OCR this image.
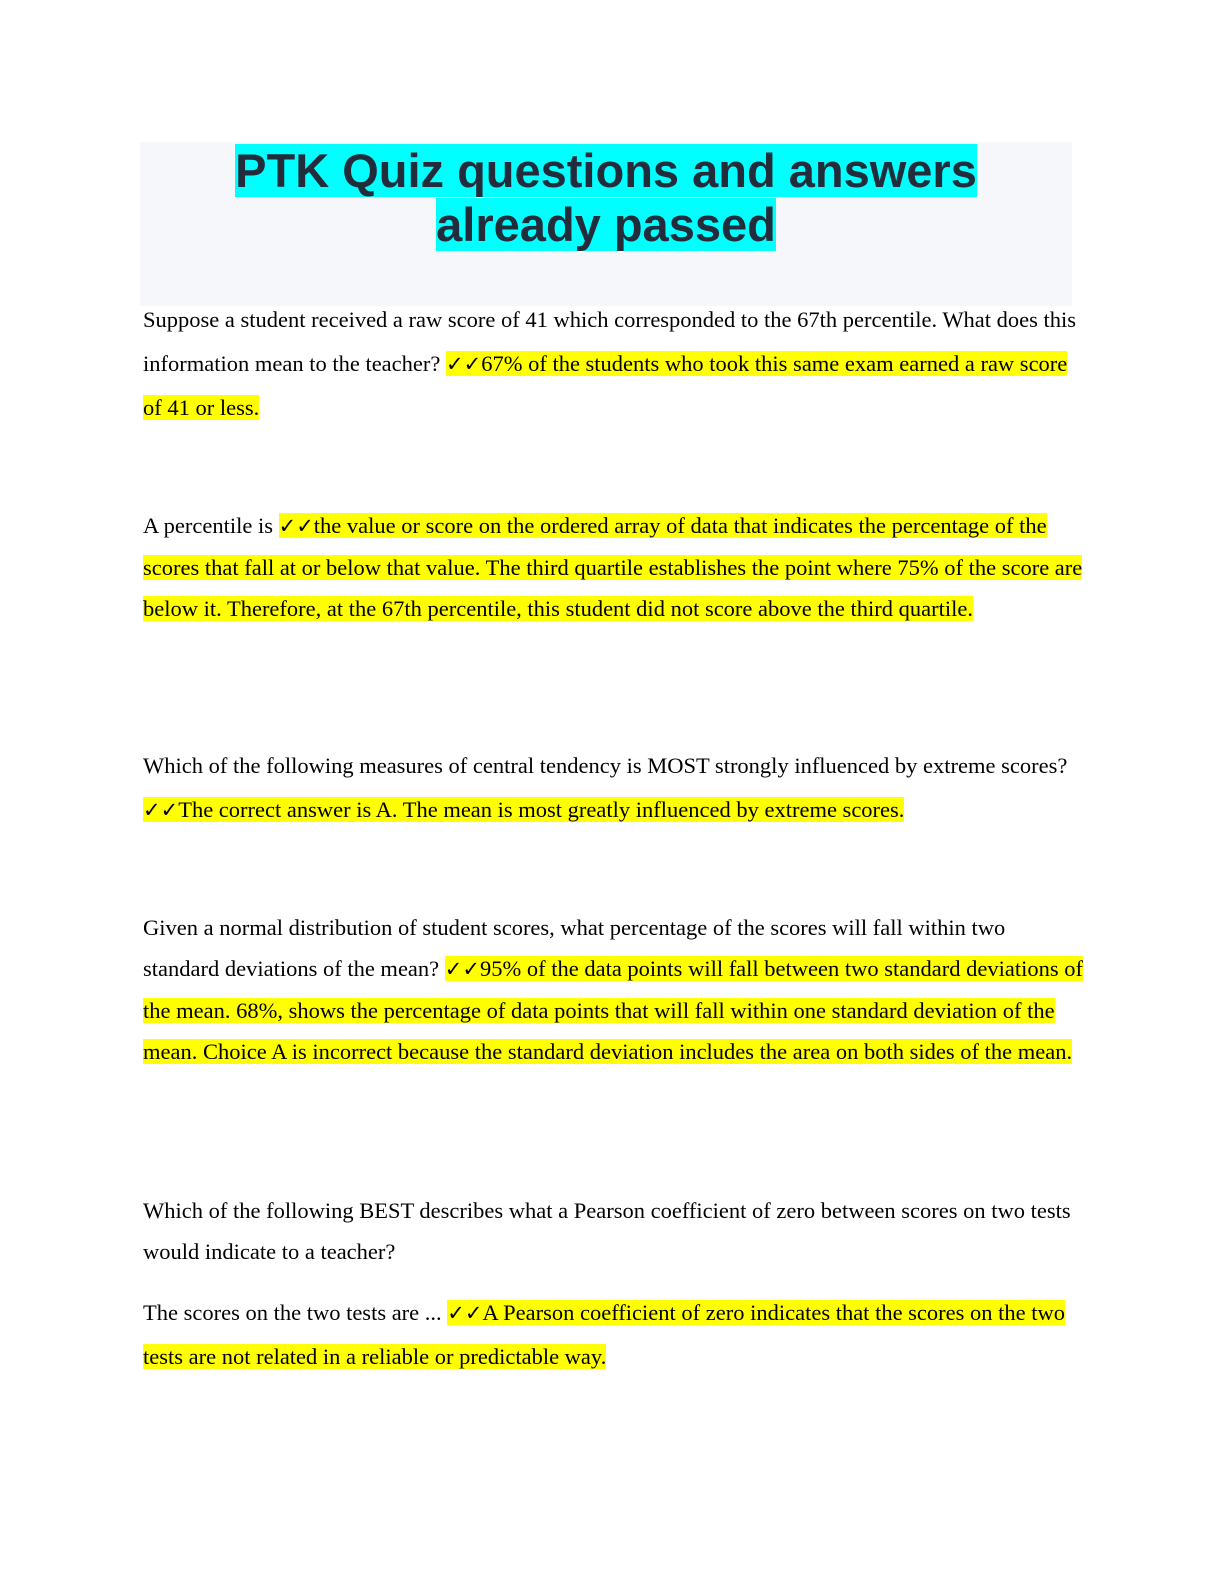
PTK Quiz questions and answers
already passed

Suppose a student received a raw score of 41 which corresponded to the 67th percentile. What does this information mean to the teacher? ✓✓67% of the students who took this same exam earned a raw score of 41 or less.

A percentile is ✓✓the value or score on the ordered array of data that indicates the percentage of the scores that fall at or below that value. The third quartile establishes the point where 75% of the score are below it. Therefore, at the 67th percentile, this student did not score above the third quartile.

Which of the following measures of central tendency is MOST strongly influenced by extreme scores? ✓✓The correct answer is A. The mean is most greatly influenced by extreme scores.

Given a normal distribution of student scores, what percentage of the scores will fall within two standard deviations of the mean? ✓✓95% of the data points will fall between two standard deviations of the mean. 68%, shows the percentage of data points that will fall within one standard deviation of the mean. Choice A is incorrect because the standard deviation includes the area on both sides of the mean.

Which of the following BEST describes what a Pearson coefficient of zero between scores on two tests would indicate to a teacher?

The scores on the two tests are ... ✓✓A Pearson coefficient of zero indicates that the scores on the two tests are not related in a reliable or predictable way.
